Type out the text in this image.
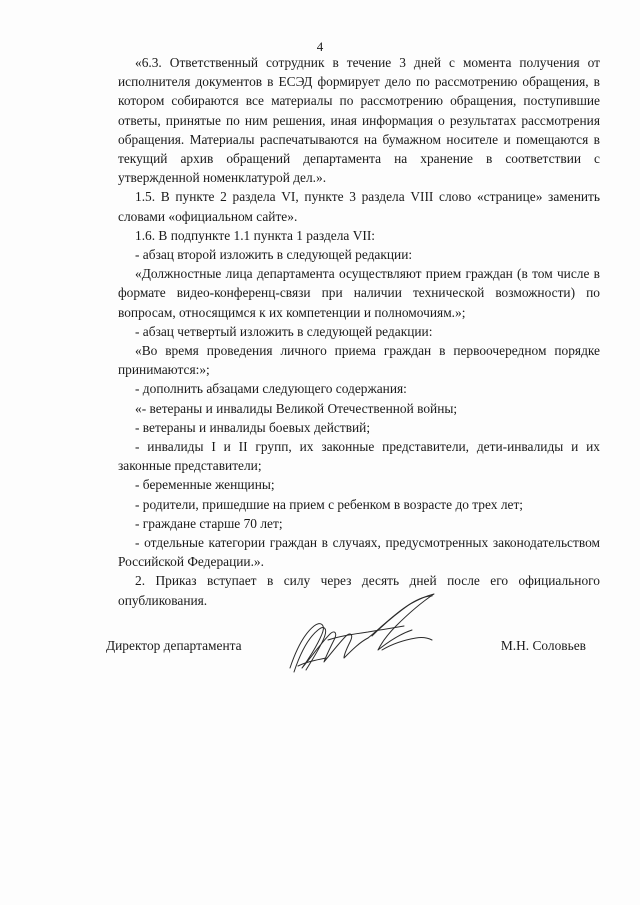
4

«6.3. Ответственный сотрудник в течение 3 дней с момента получения от исполнителя документов в ЕСЭД формирует дело по рассмотрению обращения, в котором собираются все материалы по рассмотрению обращения, поступившие ответы, принятые по ним решения, иная информация о результатах рассмотрения обращения. Материалы распечатываются на бумажном носителе и помещаются в текущий архив обращений департамента на хранение в соответствии с утвержденной номенклатурой дел.».

1.5. В пункте 2 раздела VI, пункте 3 раздела VIII слово «странице» заменить словами «официальном сайте».

1.6. В подпункте 1.1 пункта 1 раздела VII:

- абзац второй изложить в следующей редакции:

«Должностные лица департамента осуществляют прием граждан (в том числе в формате видео-конференц-связи при наличии технической возможности) по вопросам, относящимся к их компетенции и полномочиям.»;

- абзац четвертый изложить в следующей редакции:

«Во время проведения личного приема граждан в первоочередном порядке принимаются:»;

- дополнить абзацами следующего содержания:

«- ветераны и инвалиды Великой Отечественной войны;

- ветераны и инвалиды боевых действий;

- инвалиды I и II групп, их законные представители, дети-инвалиды и их законные представители;

- беременные женщины;

- родители, пришедшие на прием с ребенком в возрасте до трех лет;

- граждане старше 70 лет;

- отдельные категории граждан в случаях, предусмотренных законодательством Российской Федерации.».

2. Приказ вступает в силу через десять дней после его официального опубликования.

Директор департамента	М.Н. Соловьев
